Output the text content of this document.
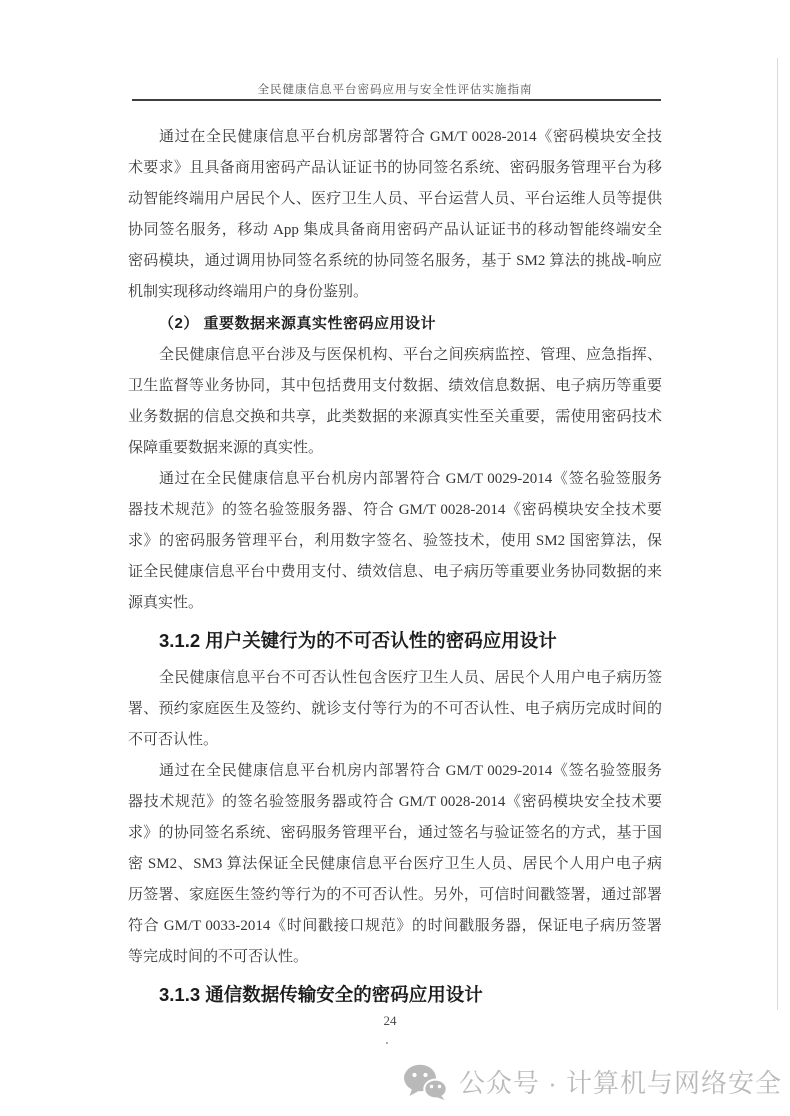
全民健康信息平台密码应用与安全性评估实施指南
通过在全民健康信息平台机房部署符合 GM/T 0028-2014《密码模块安全技
术要求》且具备商用密码产品认证证书的协同签名系统、密码服务管理平台为移
动智能终端用户居民个人、医疗卫生人员、平台运营人员、平台运维人员等提供
协同签名服务，移动 App 集成具备商用密码产品认证证书的移动智能终端安全
密码模块，通过调用协同签名系统的协同签名服务，基于 SM2 算法的挑战-响应
机制实现移动终端用户的身份鉴别。
（2） 重要数据来源真实性密码应用设计
全民健康信息平台涉及与医保机构、平台之间疾病监控、管理、应急指挥、
卫生监督等业务协同，其中包括费用支付数据、绩效信息数据、电子病历等重要
业务数据的信息交换和共享，此类数据的来源真实性至关重要，需使用密码技术
保障重要数据来源的真实性。
通过在全民健康信息平台机房内部署符合 GM/T 0029-2014《签名验签服务
器技术规范》的签名验签服务器、符合 GM/T 0028-2014《密码模块安全技术要
求》的密码服务管理平台，利用数字签名、验签技术，使用 SM2 国密算法，保
证全民健康信息平台中费用支付、绩效信息、电子病历等重要业务协同数据的来
源真实性。
3.1.2 用户关键行为的不可否认性的密码应用设计
全民健康信息平台不可否认性包含医疗卫生人员、居民个人用户电子病历签
署、预约家庭医生及签约、就诊支付等行为的不可否认性、电子病历完成时间的
不可否认性。
通过在全民健康信息平台机房内部署符合 GM/T 0029-2014《签名验签服务
器技术规范》的签名验签服务器或符合 GM/T 0028-2014《密码模块安全技术要
求》的协同签名系统、密码服务管理平台，通过签名与验证签名的方式，基于国
密 SM2、SM3 算法保证全民健康信息平台医疗卫生人员、居民个人用户电子病
历签署、家庭医生签约等行为的不可否认性。另外，可信时间戳签署，通过部署
符合 GM/T 0033-2014《时间戳接口规范》的时间戳服务器，保证电子病历签署
等完成时间的不可否认性。
3.1.3 通信数据传输安全的密码应用设计
24
公众号 · 计算机与网络安全
